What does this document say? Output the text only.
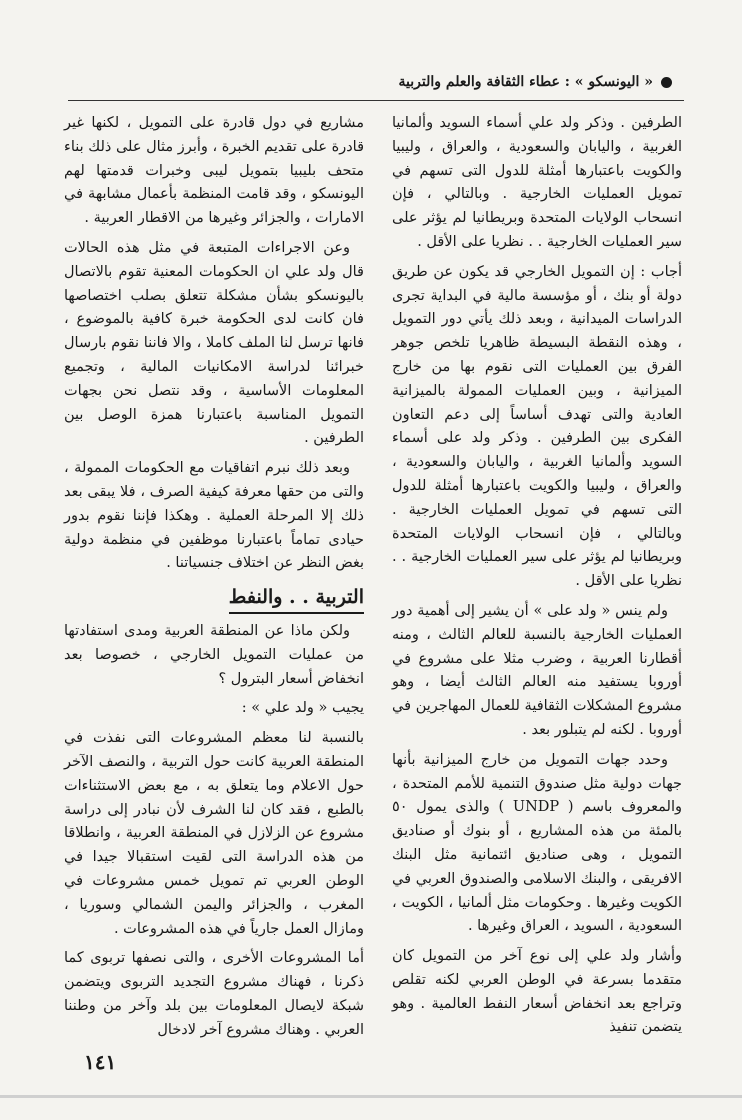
« اليونسكو » : عطاء الثقافة والعلم والتربية

الطرفين . وذكر ولد علي أسماء السويد وألمانيا الغربية ، واليابان والسعودية ، والعراق ، وليبيا والكويت باعتبارها أمثلة للدول التى تسهم في تمويل العمليات الخارجية . وبالتالي ، فإن انسحاب الولايات المتحدة وبريطانيا لم يؤثر على سير العمليات الخارجية . . نظريا على الأقل .

أجاب : إن التمويل الخارجي قد يكون عن طريق دولة أو بنك ، أو مؤسسة مالية في البداية تجرى الدراسات الميدانية ، وبعد ذلك يأتي دور التمويل ، وهذه النقطة البسيطة ظاهريا تلخص جوهر الفرق بين العمليات التى نقوم بها من خارج الميزانية ، وبين العمليات الممولة بالميزانية العادية والتى تهدف أساساً إلى دعم التعاون الفكرى بين الطرفين . وذكر ولد على أسماء السويد وألمانيا الغربية ، واليابان والسعودية ، والعراق ، وليبيا والكويت باعتبارها أمثلة للدول التى تسهم في تمويل العمليات الخارجية . وبالتالي ، فإن انسحاب الولايات المتحدة وبريطانيا لم يؤثر على سير العمليات الخارجية . . نظريا على الأقل .

ولم ينس « ولد على » أن يشير إلى أهمية دور العمليات الخارجية بالنسبة للعالم الثالث ، ومنه أقطارنا العربية ، وضرب مثلا على مشروع في أوروبا يستفيد منه العالم الثالث أيضا ، وهو مشروع المشكلات الثقافية للعمال المهاجرين في أوروبا . لكنه لم يتبلور بعد .

وحدد جهات التمويل من خارج الميزانية بأنها جهات دولية مثل صندوق التنمية للأمم المتحدة ، والمعروف باسم ( UNDP ) والذى يمول ٥٠ بالمئة من هذه المشاريع ، أو بنوك أو صناديق التمويل ، وهى صناديق ائتمانية مثل البنك الافريقى ، والبنك الاسلامى والصندوق العربي في الكويت وغيرها . وحكومات مثل ألمانيا ، الكويت ، السعودية ، السويد ، العراق وغيرها .

وأشار ولد علي إلى نوع آخر من التمويل كان متقدما بسرعة في الوطن العربي لكنه تقلص وتراجع بعد انخفاض أسعار النفط العالمية . وهو يتضمن تنفيذ

مشاريع في دول قادرة على التمويل ، لكنها غير قادرة على تقديم الخبرة ، وأبرز مثال على ذلك بناء متحف بليبيا بتمويل ليبى وخبرات قدمتها لهم اليونسكو ، وقد قامت المنظمة بأعمال مشابهة في الامارات ، والجزائر وغيرها من الاقطار العربية .

وعن الاجراءات المتبعة في مثل هذه الحالات قال ولد علي ان الحكومات المعنية تقوم بالاتصال باليونسكو بشأن مشكلة تتعلق بصلب اختصاصها فان كانت لدى الحكومة خبرة كافية بالموضوع ، فانها ترسل لنا الملف كاملا ، والا فاننا نقوم بارسال خبرائنا لدراسة الامكانيات المالية ، وتجميع المعلومات الأساسية ، وقد نتصل نحن بجهات التمويل المناسبة باعتبارنا همزة الوصل بين الطرفين .

وبعد ذلك نبرم اتفاقيات مع الحكومات الممولة ، والتى من حقها معرفة كيفية الصرف ، فلا يبقى بعد ذلك إلا المرحلة العملية . وهكذا فإننا نقوم بدور حيادى تماماً باعتبارنا موظفين في منظمة دولية بغض النظر عن اختلاف جنسياتنا .

التربية . . والنفط

ولكن ماذا عن المنطقة العربية ومدى استفادتها من عمليات التمويل الخارجي ، خصوصا بعد انخفاض أسعار البترول ؟

يجيب « ولد علي » :

بالنسبة لنا معظم المشروعات التى نفذت في المنطقة العربية كانت حول التربية ، والنصف الآخر حول الاعلام وما يتعلق به ، مع بعض الاستثناءات بالطبع ، فقد كان لنا الشرف لأن نبادر إلى دراسة مشروع عن الزلازل في المنطقة العربية ، وانطلاقا من هذه الدراسة التى لقيت استقبالا جيدا في الوطن العربي تم تمويل خمس مشروعات في المغرب ، والجزائر واليمن الشمالي وسوريا ، ومازال العمل جارياً في هذه المشروعات .

أما المشروعات الأخرى ، والتى نصفها تربوى كما ذكرنا ، فهناك مشروع التجديد التربوى ويتضمن شبكة لايصال المعلومات بين بلد وآخر من وطننا العربي . وهناك مشروع آخر لادخال

١٤١
